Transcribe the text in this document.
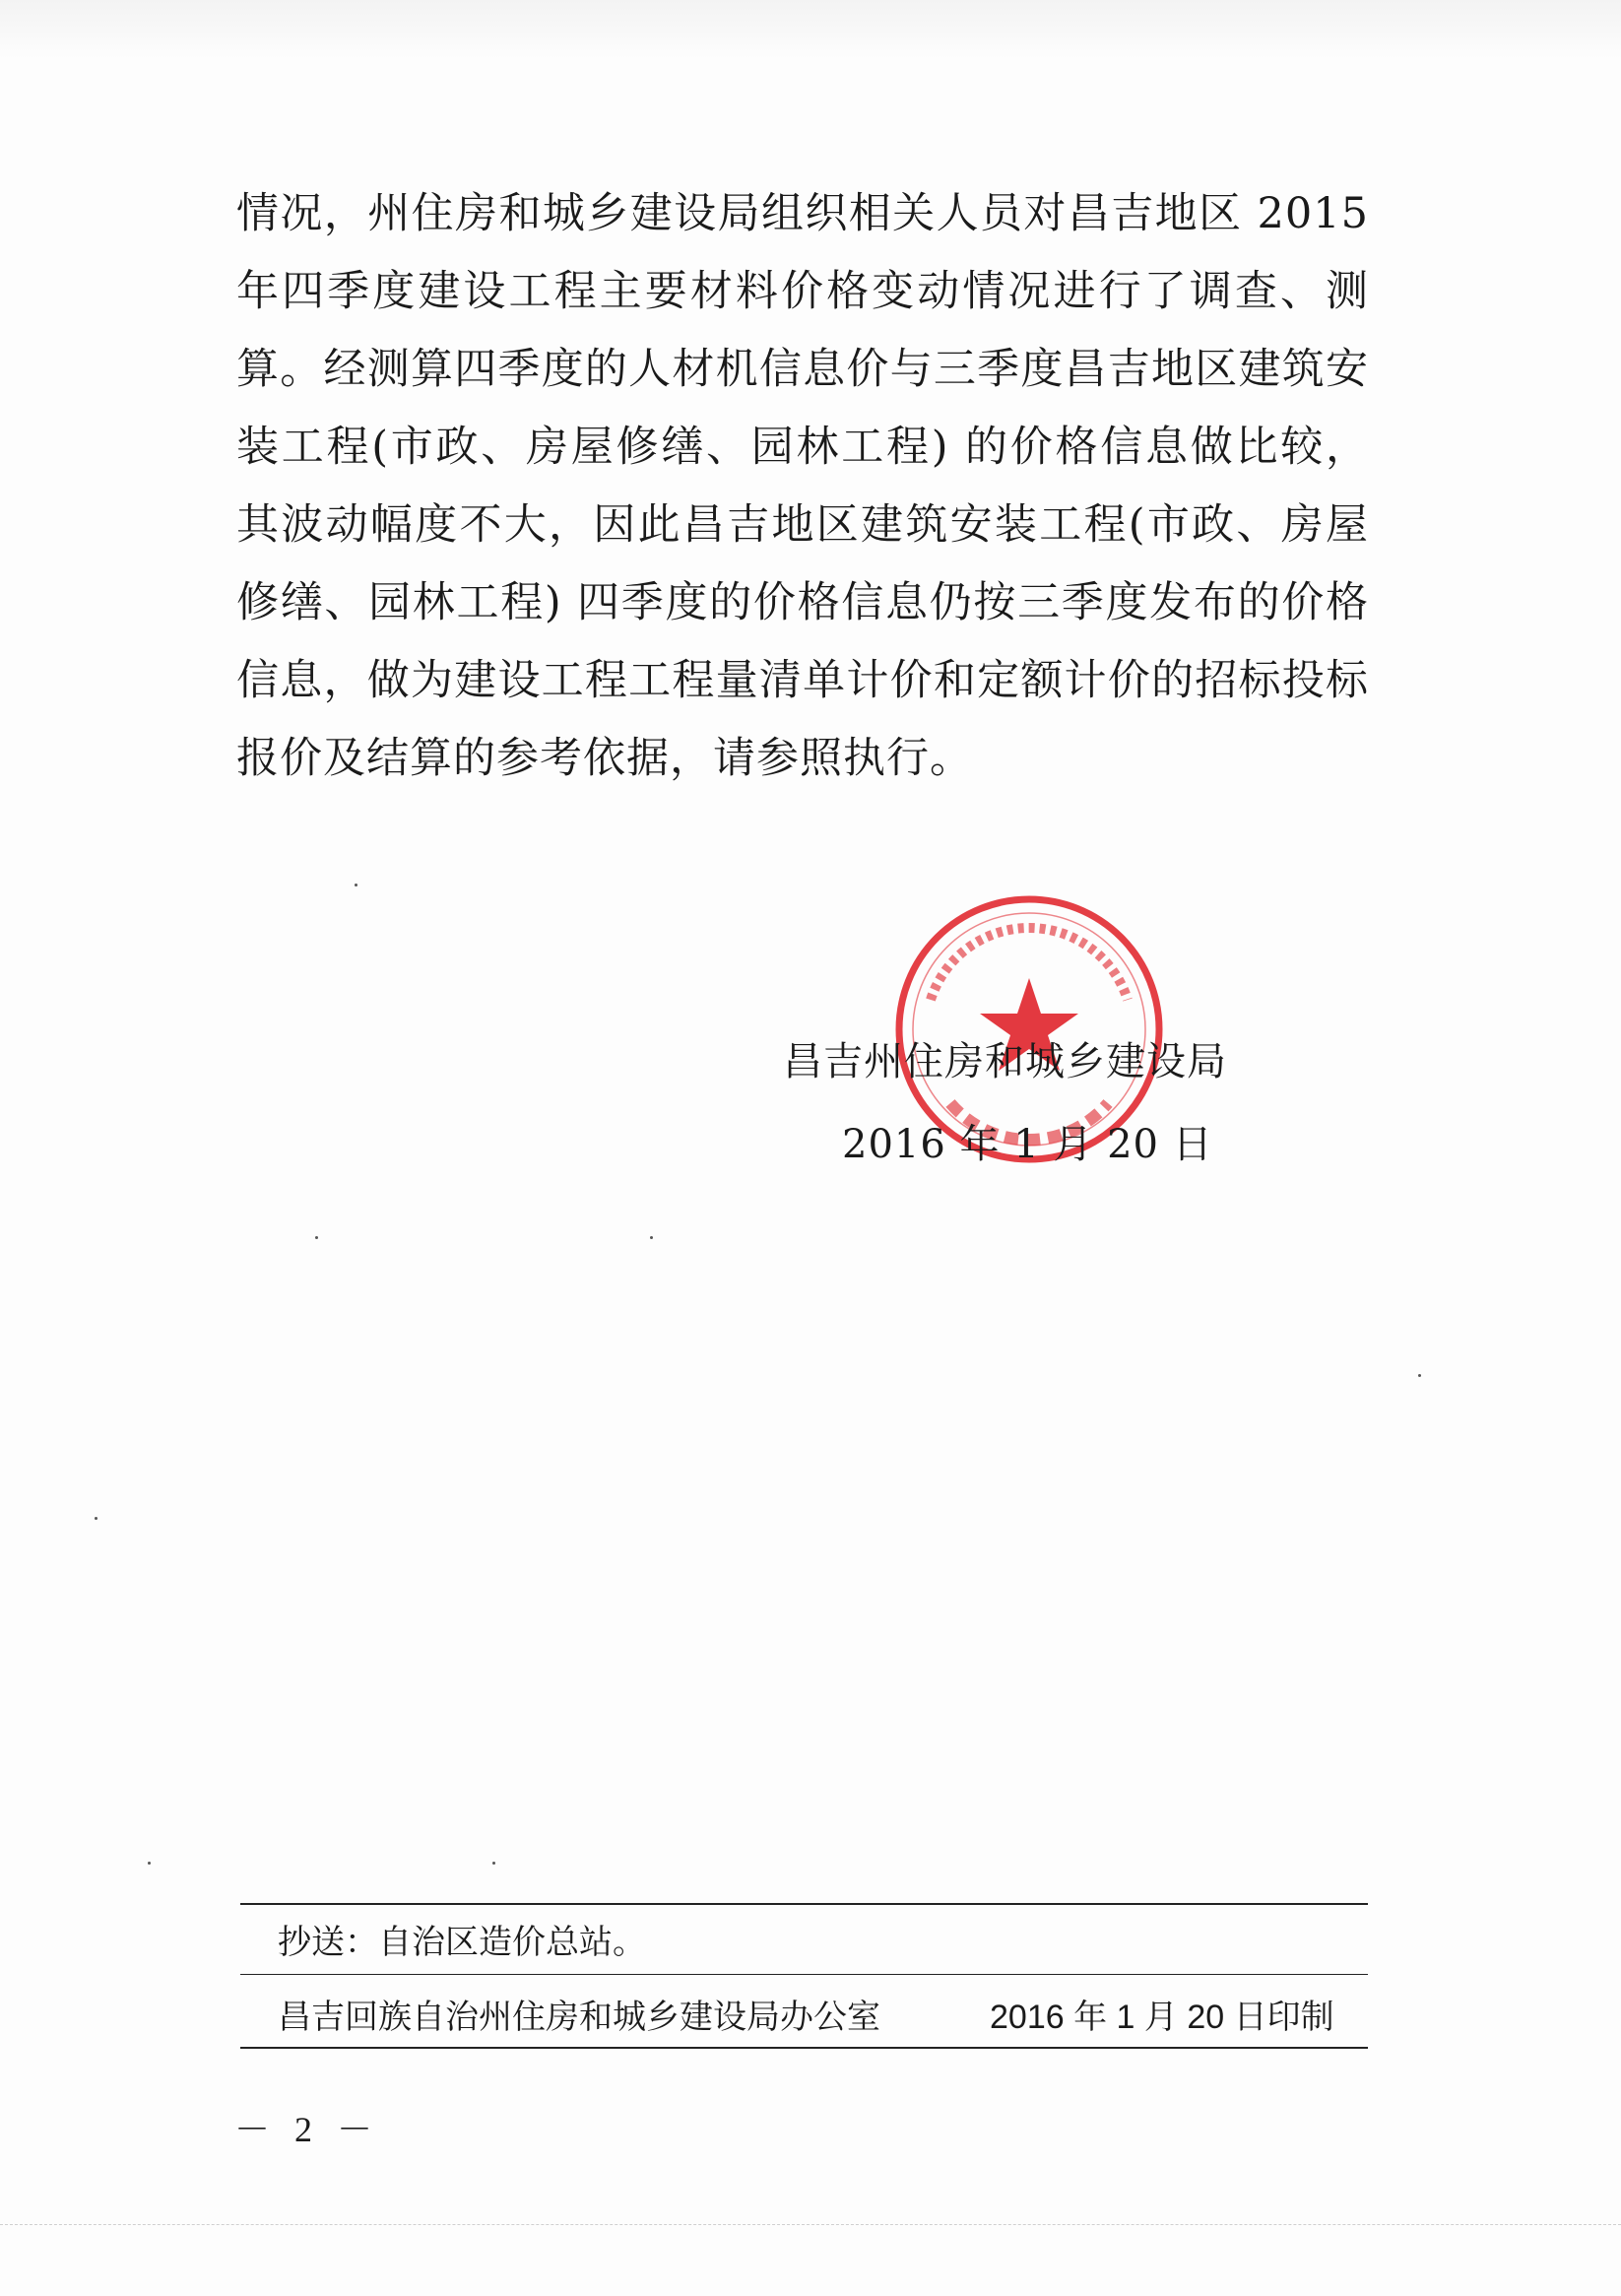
情况，州住房和城乡建设局组织相关人员对昌吉地区 2015
年四季度建设工程主要材料价格变动情况进行了调查、测
算。经测算四季度的人材机信息价与三季度昌吉地区建筑安
装工程(市政、房屋修缮、园林工程) 的价格信息做比较，
其波动幅度不大，因此昌吉地区建筑安装工程(市政、房屋
修缮、园林工程) 四季度的价格信息仍按三季度发布的价格
信息，做为建设工程工程量清单计价和定额计价的招标投标
报价及结算的参考依据，请参照执行。
昌吉州住房和城乡建设局
2016 年 1 月 20 日
抄送：自治区造价总站。
昌吉回族自治州住房和城乡建设局办公室	2016 年 1 月 20 日印制
－ 2 －
